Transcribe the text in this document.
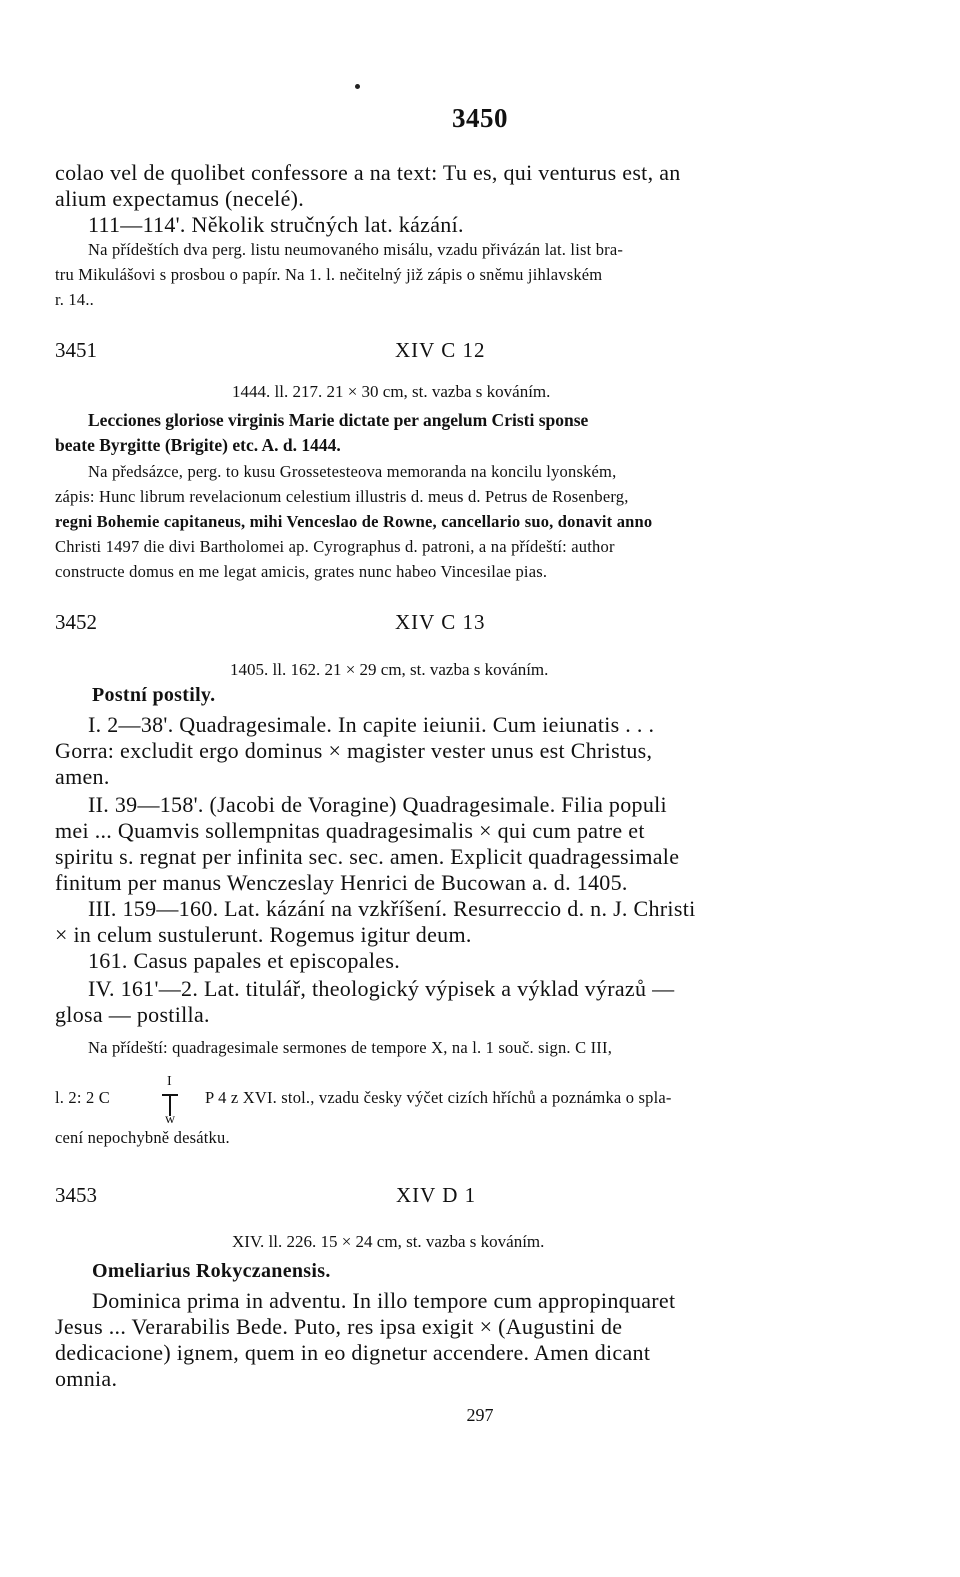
3450
colao vel de quolibet confessore a na text: Tu es, qui venturus est, an
alium expectamus (necelé).
111—114'. Několik stručných lat. kázání.
Na přídeštích dva perg. listu neumovaného misálu, vzadu přivázán lat. list bra-
tru Mikulášovi s prosbou o papír. Na 1. l. nečitelný již zápis o sněmu jihlavském
r. 14..
3451	XIV C 12
1444. ll. 217. 21 × 30 cm, st. vazba s kováním.
Lecciones gloriose virginis Marie dictate per angelum Cristi sponse
beate Byrgitte (Brigite) etc. A. d. 1444.
Na předsázce, perg. to kusu Grossetesteova memoranda na koncilu lyonském,
zápis: Hunc librum revelacionum celestium illustris d. meus d. Petrus de Rosenberg,
regni Bohemie capitaneus, mihi Venceslao de Rowne, cancellario suo, donavit anno
Christi 1497 die divi Bartholomei ap. Cyrographus d. patroni, a na přídeští: author
constructe domus en me legat amicis, grates nunc habeo Vincesilae pias.
3452	XIV C 13
1405. ll. 162. 21 × 29 cm, st. vazba s kováním.
Postní postily.
I. 2—38'. Quadragesimale. In capite ieiunii. Cum ieiunatis . . .
Gorra: excludit ergo dominus × magister vester unus est Christus,
amen.
II. 39—158'. (Jacobi de Voragine) Quadragesimale. Filia populi
mei ... Quamvis sollempnitas quadragesimalis × qui cum patre et
spiritu s. regnat per infinita sec. sec. amen. Explicit quadragessimale
finitum per manus Wenczeslay Henrici de Bucowan a. d. 1405.
III. 159—160. Lat. kázání na vzkříšení. Resurreccio d. n. J. Christi
× in celum sustulerunt. Rogemus igitur deum.
161. Casus papales et episcopales.
IV. 161'—2. Lat. titulář, theologický výpisek a výklad výrazů —
glosa — postilla.
Na přídeští: quadragesimale sermones de tempore X, na l. 1 souč. sign. C III,
l. 2: 2 C
I
w
P 4 z XVI. stol., vzadu česky výčet cizích hříchů a poznámka o spla-
cení nepochybně desátku.
3453	XIV D 1
XIV. ll. 226. 15 × 24 cm, st. vazba s kováním.
Omeliarius Rokyczanensis.
Dominica prima in adventu. In illo tempore cum appropinquaret
Jesus ... Verarabilis Bede. Puto, res ipsa exigit × (Augustini de
dedicacione) ignem, quem in eo dignetur accendere. Amen dicant
omnia.
297
